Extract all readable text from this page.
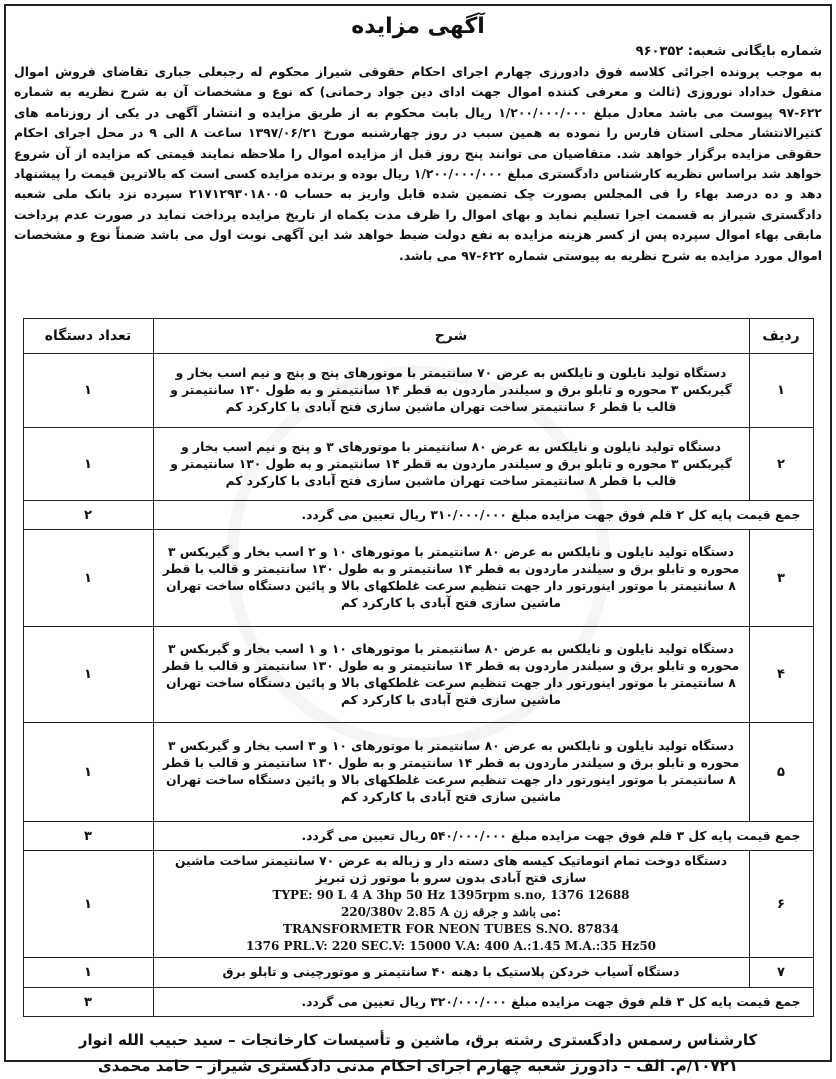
آگهی مزایده
شماره بایگانی شعبه: ۹۶۰۳۵۲
به موجب پرونده اجرائی کلاسه فوق دادورزی چهارم اجرای احکام حقوقی شیراز محکوم له رجبعلی جباری تقاضای فروش اموال منقول خداداد نوروزی (ثالث و معرفی کننده اموال جهت ادای دین جواد رحمانی) که نوع و مشخصات آن به شرح نظریه به شماره ۶۲۲-۹۷ پیوست می باشد معادل مبلغ ۱/۲۰۰/۰۰۰/۰۰۰ ریال بابت محکوم به از طریق مزایده و انتشار آگهی در یکی از روزنامه های کثیرالانتشار محلی استان فارس را نموده به همین سبب در روز چهارشنبه مورخ ۱۳۹۷/۰۶/۲۱ ساعت ۸ الی ۹ در محل اجرای احکام حقوقی مزایده برگزار خواهد شد. متقاضیان می توانند پنج روز قبل از مزایده اموال را ملاحظه نمایند قیمتی که مزایده از آن شروع خواهد شد براساس نظریه کارشناس دادگستری مبلغ ۱/۲۰۰/۰۰۰/۰۰۰ ریال بوده و برنده مزایده کسی است که بالاترین قیمت را پیشنهاد دهد و ده درصد بهاء را فی المجلس بصورت چک تضمین شده قابل واریز به حساب ۲۱۷۱۲۹۳۰۱۸۰۰۵ سپرده نزد بانک ملی شعبه دادگستری شیراز به قسمت اجرا تسلیم نماید و بهای اموال را ظرف مدت یکماه از تاریخ مزایده پرداخت نماید در صورت عدم پرداخت مابقی بهاء اموال سپرده پس از کسر هزینه مزایده به نفع دولت ضبط خواهد شد این آگهی نوبت اول می باشد ضمناً نوع و مشخصات اموال مورد مزایده به شرح نظریه به پیوستی شماره ۶۲۲-۹۷ می باشد.
ردیف	شرح	تعداد دستگاه
۱	دستگاه تولید نایلون و نایلکس به عرض ۷۰ سانتیمتر با موتورهای پنج و پنج و نیم اسب بخار و گیربکس ۳ محوره و تابلو برق و سیلندر ماردون به قطر ۱۴ سانتیمتر و به طول ۱۳۰ سانتیمتر و قالب با قطر ۶ سانتیمتر ساخت تهران ماشین سازی فتح آبادی با کارکرد کم	۱
۲	دستگاه تولید نایلون و نایلکس به عرض ۸۰ سانتیمتر با موتورهای ۳ و پنج و نیم اسب بخار و گیربکس ۳ محوره و تابلو برق و سیلندر ماردون به قطر ۱۴ سانتیمتر و به طول ۱۳۰ سانتیمتر و قالب با قطر ۸ سانتیمتر ساخت تهران ماشین سازی فتح آبادی با کارکرد کم	۱
جمع قیمت پایه کل ۲ قلم فوق جهت مزایده مبلغ ۳۱۰/۰۰۰/۰۰۰ ریال تعیین می گردد.		۲
۳	دستگاه تولید نایلون و نایلکس به عرض ۸۰ سانتیمتر با موتورهای ۱۰ و ۲ اسب بخار و گیربکس ۳ محوره و تابلو برق و سیلندر ماردون به قطر ۱۴ سانتیمتر و به طول ۱۳۰ سانتیمتر و قالب با قطر ۸ سانتیمتر با موتور اینورتور دار جهت تنظیم سرعت غلطکهای بالا و پائین دستگاه ساخت تهران ماشین سازی فتح آبادی با کارکرد کم	۱
۴	دستگاه تولید نایلون و نایلکس به عرض ۸۰ سانتیمتر با موتورهای ۱۰ و ۱ اسب بخار و گیربکس ۳ محوره و تابلو برق و سیلندر ماردون به قطر ۱۴ سانتیمتر و به طول ۱۳۰ سانتیمتر و قالب با قطر ۸ سانتیمتر با موتور اینورتور دار جهت تنظیم سرعت غلطکهای بالا و پائین دستگاه ساخت تهران ماشین سازی فتح آبادی با کارکرد کم	۱
۵	دستگاه تولید نایلون و نایلکس به عرض ۸۰ سانتیمتر با موتورهای ۱۰ و ۳ اسب بخار و گیربکس ۳ محوره و تابلو برق و سیلندر ماردون به قطر ۱۴ سانتیمتر و به طول ۱۳۰ سانتیمتر و قالب با قطر ۸ سانتیمتر با موتور اینورتور دار جهت تنظیم سرعت غلطکهای بالا و پائین دستگاه ساخت تهران ماشین سازی فتح آبادی با کارکرد کم	۱
جمع قیمت پایه کل ۳ قلم فوق جهت مزایده مبلغ ۵۴۰/۰۰۰/۰۰۰ ریال تعیین می گردد.		۳
۶	دستگاه دوخت تمام اتوماتیک کیسه های دسته دار و زباله به عرض ۷۰ سانتیمتر ساخت ماشین سازی فتح آبادی بدون سرو با موتور ژن تبریز
TYPE: 90 L 4 A 3hp 50 Hz 1395rpm s.no, 1376 12688
220/380v 2.85 A می باشد و جرقه زن:
TRANSFORMETR FOR NEON TUBES S.NO. 87834
1376 PRL.V: 220 SEC.V: 15000 V.A: 400 A.:1.45 M.A.:35 Hz50	۱
۷	دستگاه آسیاب خردکن پلاستیک با دهنه ۴۰ سانتیمتر و موتورچینی و تابلو برق	۱
جمع قیمت پایه کل ۳ قلم فوق جهت مزایده مبلغ ۳۲۰/۰۰۰/۰۰۰ ریال تعیین می گردد.		۳
کارشناس رسمس دادگستری رشته برق، ماشین و تأسیسات کارخانجات – سید حبیب الله انوار
۱۰۷۲۱/م. الف – دادورز شعبه چهارم اجرای احکام مدنی دادگستری شیراز – حامد محمدی
